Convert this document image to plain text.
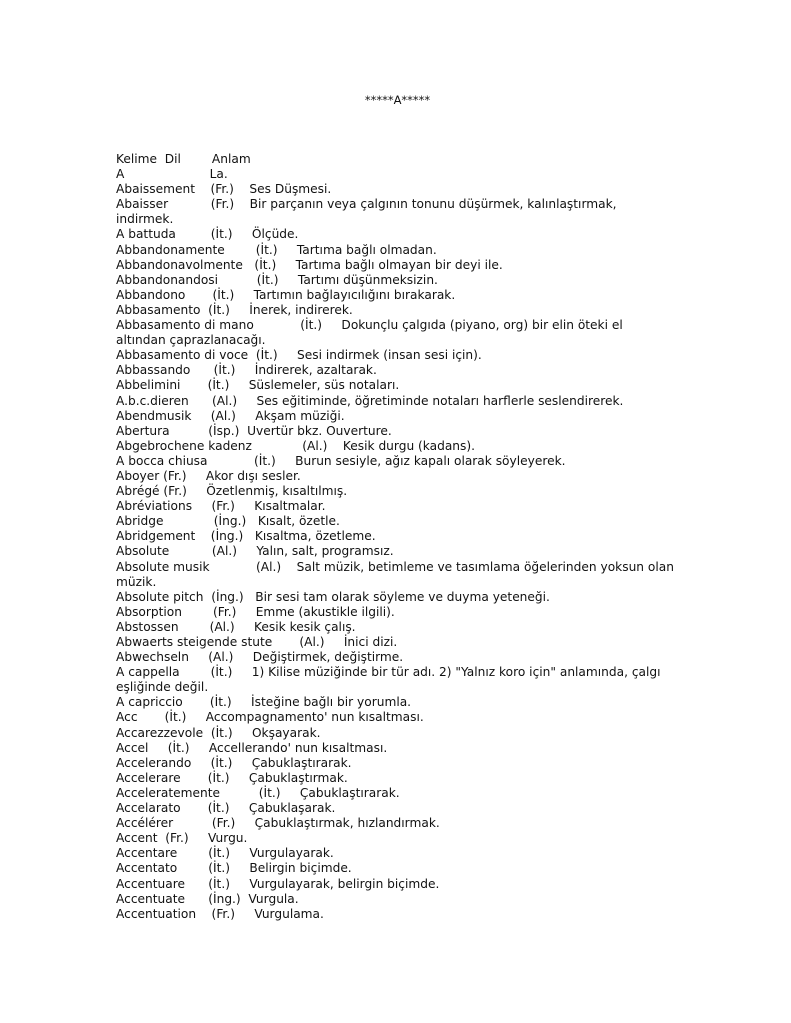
*****A*****

Kelime  Dil        Anlam

A                      La.

Abaissement    (Fr.)    Ses Düşmesi.

Abaisser           (Fr.)    Bir parçanın veya çalgının tonunu düşürmek, kalınlaştırmak, indirmek.

A battuda         (İt.)     Ölçüde.

Abbandonamente        (İt.)     Tartıma bağlı olmadan.

Abbandonavolmente   (İt.)     Tartıma bağlı olmayan bir deyi ile.

Abbandonandosi          (İt.)     Tartımı düşünmeksizin.

Abbandono       (İt.)     Tartımın bağlayıcılığını bırakarak.

Abbasamento  (İt.)     İnerek, indirerek.

Abbasamento di mano            (İt.)     Dokunçlu çalgıda (piyano, org) bir elin öteki el altından çaprazlanacağı.

Abbasamento di voce  (İt.)     Sesi indirmek (insan sesi için).

Abbassando      (İt.)     İndirerek, azaltarak.

Abbelimini       (İt.)     Süslemeler, süs notaları.

A.b.c.dieren      (Al.)     Ses eğitiminde, öğretiminde notaları harflerle seslendirerek.

Abendmusik     (Al.)     Akşam müziği.

Abertura          (İsp.)  Uvertür bkz. Ouverture.

Abgebrochene kadenz             (Al.)    Kesik durgu (kadans).

A bocca chiusa            (İt.)     Burun sesiyle, ağız kapalı olarak söyleyerek.

Aboyer (Fr.)     Akor dışı sesler.

Abrégé (Fr.)     Özetlenmiş, kısaltılmış.

Abréviations     (Fr.)     Kısaltmalar.

Abridge             (İng.)   Kısalt, özetle.

Abridgement    (İng.)   Kısaltma, özetleme.

Absolute           (Al.)     Yalın, salt, programsız.

Absolute musik            (Al.)    Salt müzik, betimleme ve tasımlama öğelerinden yoksun olan müzik.

Absolute pitch  (İng.)   Bir sesi tam olarak söyleme ve duyma yeteneği.

Absorption        (Fr.)     Emme (akustikle ilgili).

Abstossen        (Al.)     Kesik kesik çalış.

Abwaerts steigende stute       (Al.)     İnici dizi.

Abwechseln     (Al.)     Değiştirmek, değiştirme.

A cappella        (İt.)     1) Kilise müziğinde bir tür adı. 2) "Yalnız koro için" anlamında, çalgı eşliğinde değil.

A capriccio       (İt.)     İsteğine bağlı bir yorumla.

Acc       (İt.)     Accompagnamento' nun kısaltması.

Accarezzevole  (İt.)     Okşayarak.

Accel     (İt.)     Accellerando' nun kısaltması.

Accelerando     (İt.)     Çabuklaştırarak.

Accelerare       (İt.)     Çabuklaştırmak.

Acceleratemente          (İt.)     Çabuklaştırarak.

Accelarato       (İt.)     Çabuklaşarak.

Accélérer          (Fr.)     Çabuklaştırmak, hızlandırmak.

Accent  (Fr.)     Vurgu.

Accentare        (İt.)     Vurgulayarak.

Accentato        (İt.)     Belirgin biçimde.

Accentuare      (İt.)     Vurgulayarak, belirgin biçimde.

Accentuate      (İng.)  Vurgula.

Accentuation    (Fr.)     Vurgulama.
